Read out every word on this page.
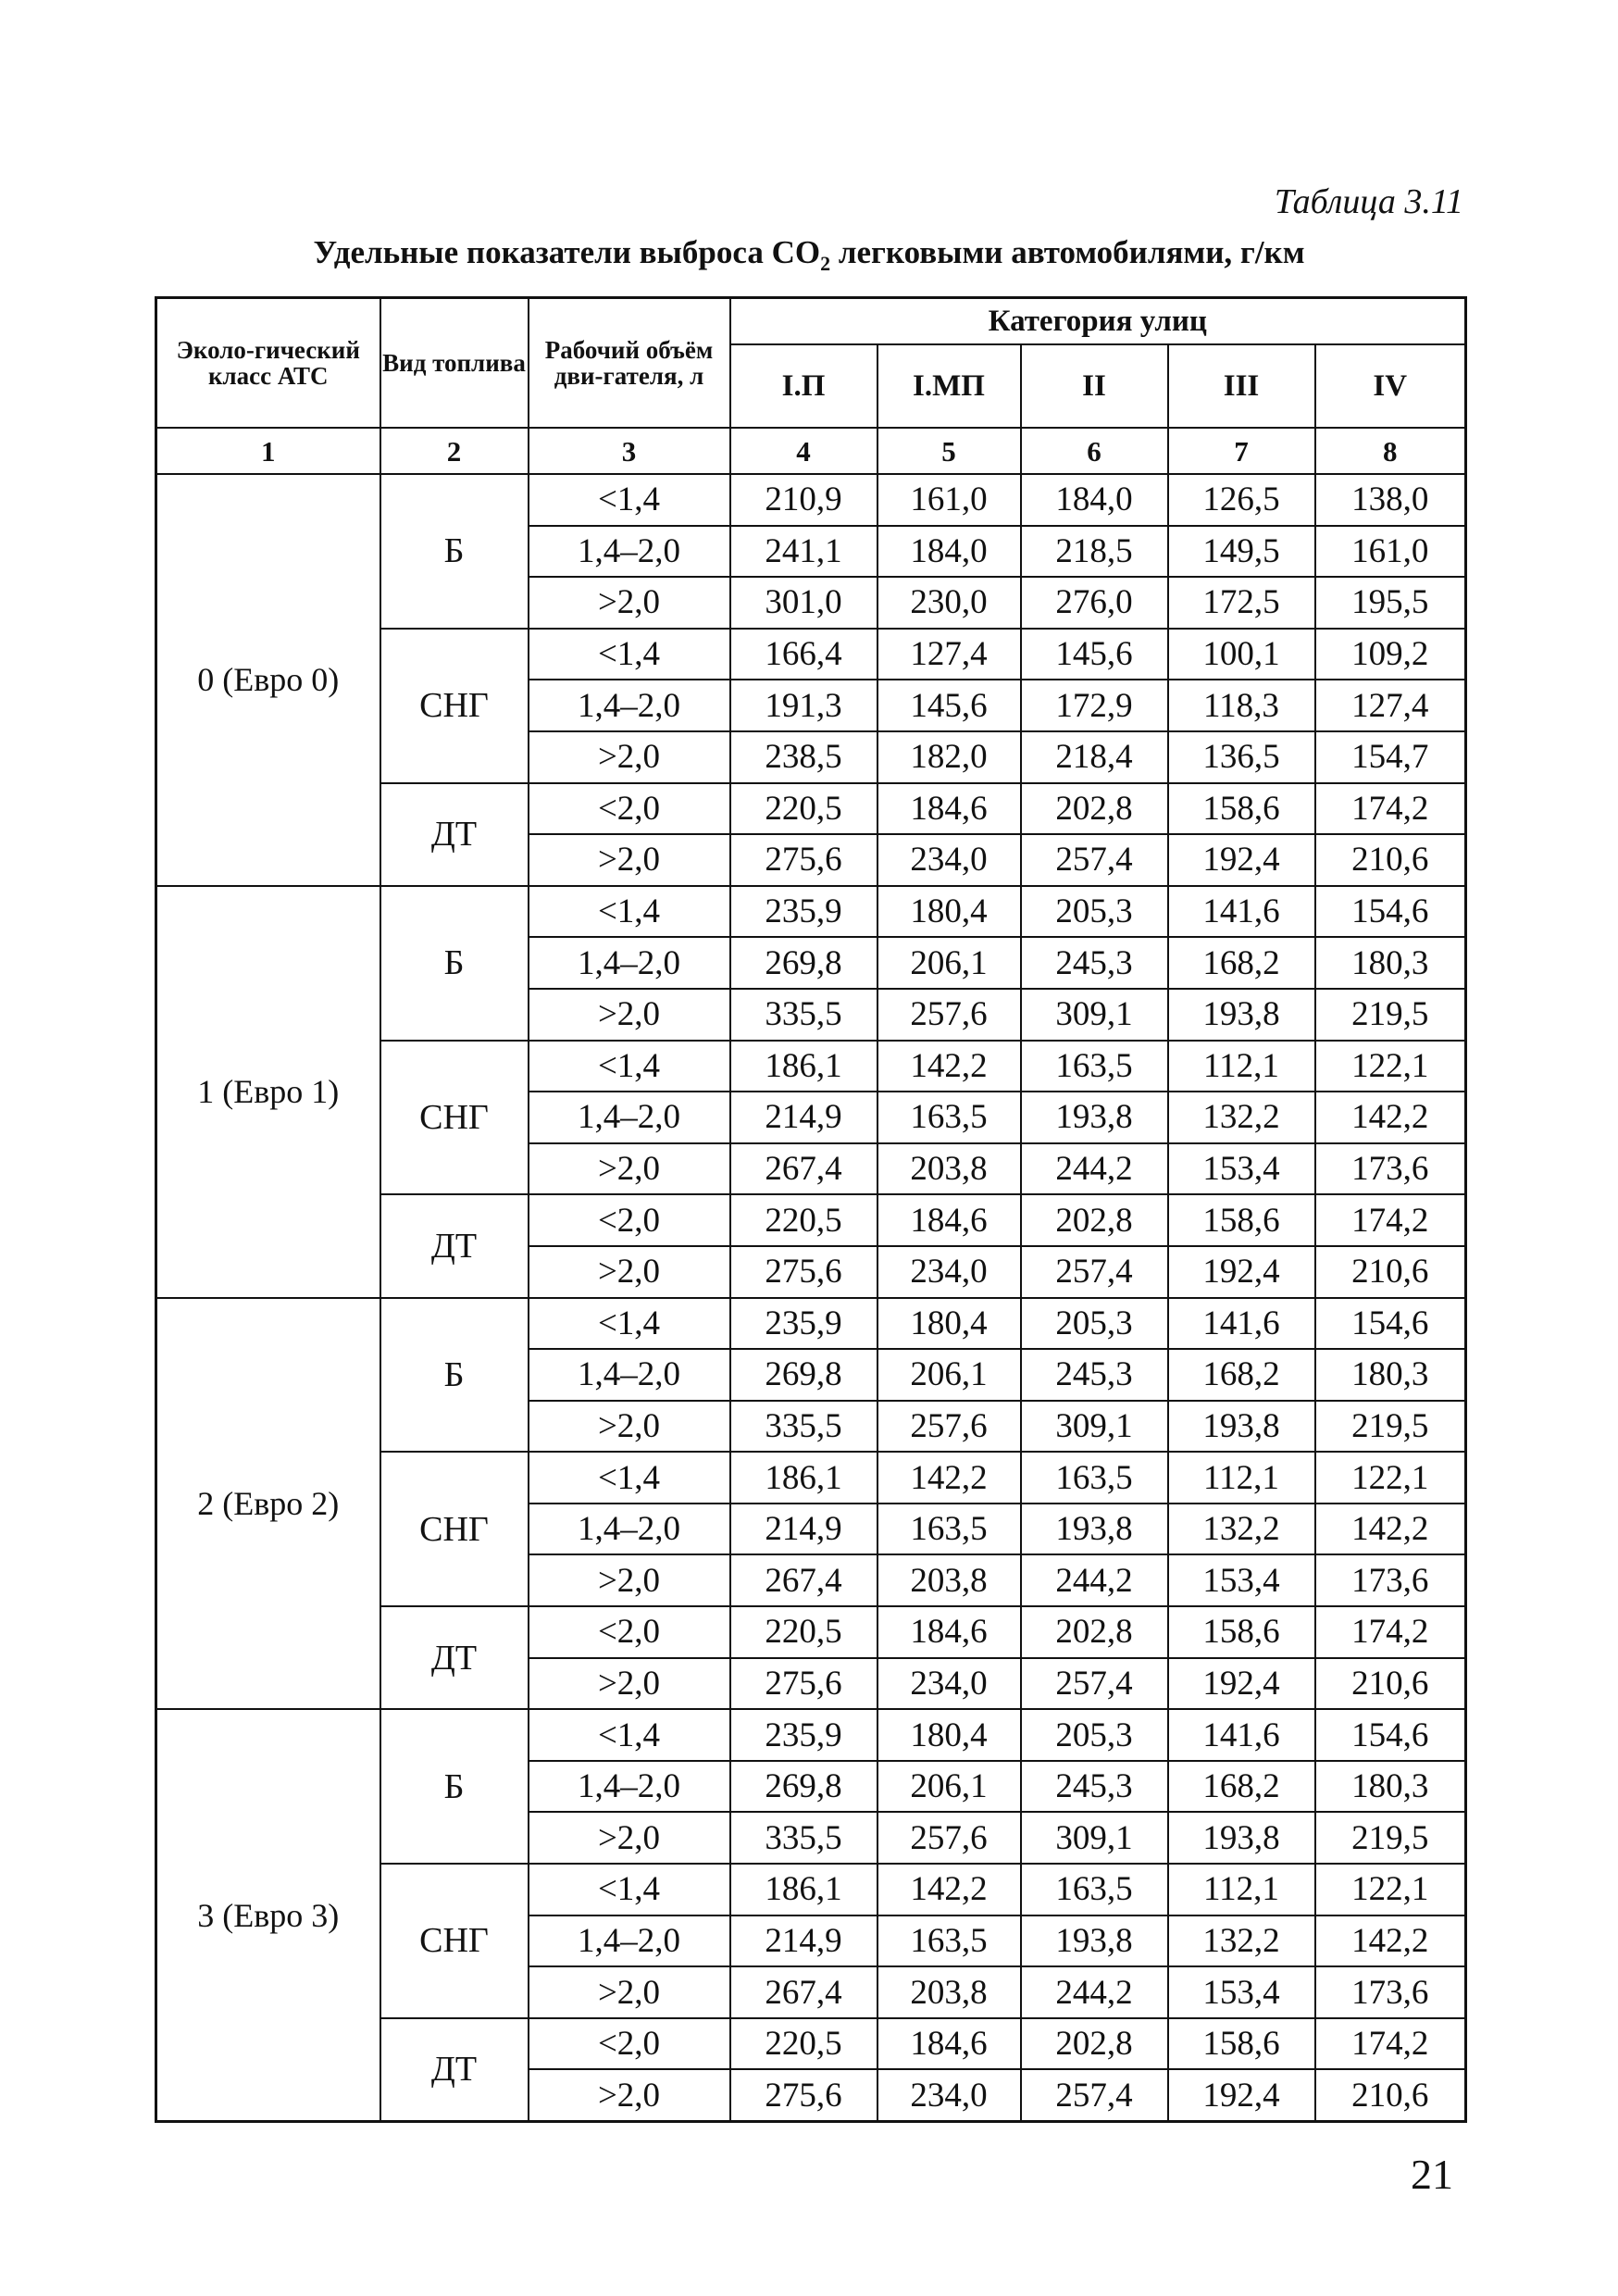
Таблица 3.11
Удельные показатели выброса $CO_2$ легковыми автомобилями, г/км
Эколо-гический класс АТС	Вид топлива	Рабочий объём дви-гателя, л	Категория улиц				
			I.П	I.МП	II	III	IV
1	2	3	4	5	6	7	8
0 (Евро 0)	Б	<1,4	210,9	161,0	184,0	126,5	138,0
		1,4–2,0	241,1	184,0	218,5	149,5	161,0
		>2,0	301,0	230,0	276,0	172,5	195,5
	СНГ	<1,4	166,4	127,4	145,6	100,1	109,2
		1,4–2,0	191,3	145,6	172,9	118,3	127,4
		>2,0	238,5	182,0	218,4	136,5	154,7
	ДТ	<2,0	220,5	184,6	202,8	158,6	174,2
		>2,0	275,6	234,0	257,4	192,4	210,6
1 (Евро 1)	Б	<1,4	235,9	180,4	205,3	141,6	154,6
		1,4–2,0	269,8	206,1	245,3	168,2	180,3
		>2,0	335,5	257,6	309,1	193,8	219,5
	СНГ	<1,4	186,1	142,2	163,5	112,1	122,1
		1,4–2,0	214,9	163,5	193,8	132,2	142,2
		>2,0	267,4	203,8	244,2	153,4	173,6
	ДТ	<2,0	220,5	184,6	202,8	158,6	174,2
		>2,0	275,6	234,0	257,4	192,4	210,6
2 (Евро 2)	Б	<1,4	235,9	180,4	205,3	141,6	154,6
		1,4–2,0	269,8	206,1	245,3	168,2	180,3
		>2,0	335,5	257,6	309,1	193,8	219,5
	СНГ	<1,4	186,1	142,2	163,5	112,1	122,1
		1,4–2,0	214,9	163,5	193,8	132,2	142,2
		>2,0	267,4	203,8	244,2	153,4	173,6
	ДТ	<2,0	220,5	184,6	202,8	158,6	174,2
		>2,0	275,6	234,0	257,4	192,4	210,6
3 (Евро 3)	Б	<1,4	235,9	180,4	205,3	141,6	154,6
		1,4–2,0	269,8	206,1	245,3	168,2	180,3
		>2,0	335,5	257,6	309,1	193,8	219,5
	СНГ	<1,4	186,1	142,2	163,5	112,1	122,1
		1,4–2,0	214,9	163,5	193,8	132,2	142,2
		>2,0	267,4	203,8	244,2	153,4	173,6
	ДТ	<2,0	220,5	184,6	202,8	158,6	174,2
		>2,0	275,6	234,0	257,4	192,4	210,6
21
